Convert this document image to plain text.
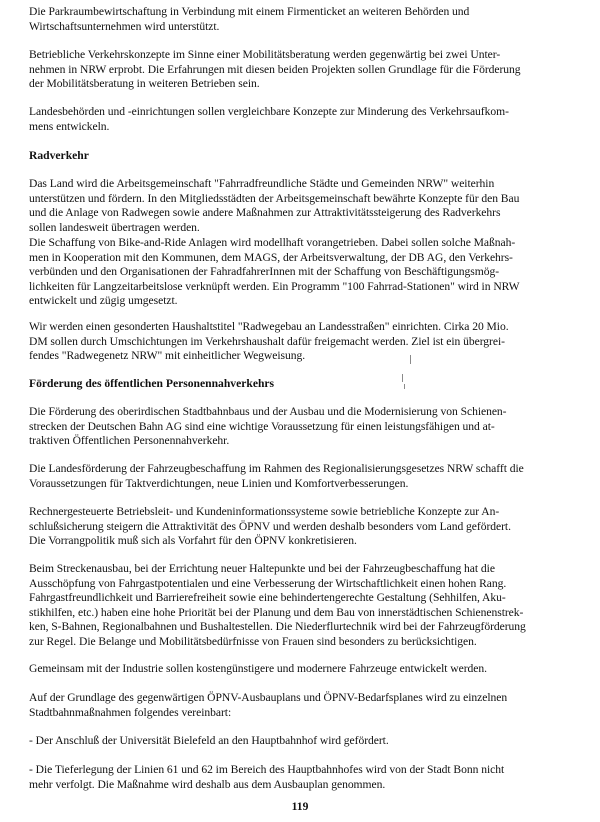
Die Parkraumbewirtschaftung in Verbindung mit einem Firmenticket an weiteren Behörden und
Wirtschaftsunternehmen wird unterstützt.
Betriebliche Verkehrskonzepte im Sinne einer Mobilitätsberatung werden gegenwärtig bei zwei Unter-
nehmen in NRW erprobt. Die Erfahrungen mit diesen beiden Projekten sollen Grundlage für die Förderung
der Mobilitätsberatung in weiteren Betrieben sein.
Landesbehörden und -einrichtungen sollen vergleichbare Konzepte zur Minderung des Verkehrsaufkom-
mens entwickeln.
Radverkehr
Das Land wird die Arbeitsgemeinschaft "Fahrradfreundliche Städte und Gemeinden NRW" weiterhin
unterstützen und fördern. In den Mitgliedsstädten der Arbeitsgemeinschaft bewährte Konzepte für den Bau
und die Anlage von Radwegen sowie andere Maßnahmen zur Attraktivitätssteigerung des Radverkehrs
sollen landesweit übertragen werden.
Die Schaffung von Bike-and-Ride Anlagen wird modellhaft vorangetrieben. Dabei sollen solche Maßnah-
men in Kooperation mit den Kommunen, dem MAGS, der Arbeitsverwaltung, der DB AG, den Verkehrs-
verbünden und den Organisationen der FahradfahrerInnen mit der Schaffung von Beschäftigungsmög-
lichkeiten für Langzeitarbeitslose verknüpft werden. Ein Programm "100 Fahrrad-Stationen" wird in NRW
entwickelt und zügig umgesetzt.
Wir werden einen gesonderten Haushaltstitel "Radwegebau an Landesstraßen" einrichten. Cirka 20 Mio.
DM sollen durch Umschichtungen im Verkehrshaushalt dafür freigemacht werden. Ziel ist ein übergrei-
fendes "Radwegenetz NRW" mit einheitlicher Wegweisung.
Förderung des öffentlichen Personennahverkehrs
Die Förderung des oberirdischen Stadtbahnbaus und der Ausbau und die Modernisierung von Schienen-
strecken der Deutschen Bahn AG sind eine wichtige Voraussetzung für einen leistungsfähigen und at-
traktiven Öffentlichen Personennahverkehr.
Die Landesförderung der Fahrzeugbeschaffung im Rahmen des Regionalisierungsgesetzes NRW schafft die
Voraussetzungen für Taktverdichtungen, neue Linien und Komfortverbesserungen.
Rechnergesteuerte Betriebsleit- und Kundeninformationssysteme sowie betriebliche Konzepte zur An-
schlußsicherung steigern die Attraktivität des ÖPNV und werden deshalb besonders vom Land gefördert.
Die Vorrangpolitik muß sich als Vorfahrt für den ÖPNV konkretisieren.
Beim Streckenausbau, bei der Errichtung neuer Haltepunkte und bei der Fahrzeugbeschaffung hat die
Ausschöpfung von Fahrgastpotentialen und eine Verbesserung der Wirtschaftlichkeit einen hohen Rang.
Fahrgastfreundlichkeit und Barrierefreiheit sowie eine behindertengerechte Gestaltung (Sehhilfen, Aku-
stikhilfen, etc.) haben eine hohe Priorität bei der Planung und dem Bau von innerstädtischen Schienenstrek-
ken, S-Bahnen, Regionalbahnen und Bushaltestellen. Die Niederflurtechnik wird bei der Fahrzeugförderung
zur Regel. Die Belange und Mobilitätsbedürfnisse von Frauen sind besonders zu berücksichtigen.
Gemeinsam mit der Industrie sollen kostengünstigere und modernere Fahrzeuge entwickelt werden.
Auf der Grundlage des gegenwärtigen ÖPNV-Ausbauplans und ÖPNV-Bedarfsplanes wird zu einzelnen
Stadtbahnmaßnahmen folgendes vereinbart:
- Der Anschluß der Universität Bielefeld an den Hauptbahnhof wird gefördert.
- Die Tieferlegung der Linien 61 und 62 im Bereich des Hauptbahnhofes wird von der Stadt Bonn nicht
mehr verfolgt. Die Maßnahme wird deshalb aus dem Ausbauplan genommen.
119
